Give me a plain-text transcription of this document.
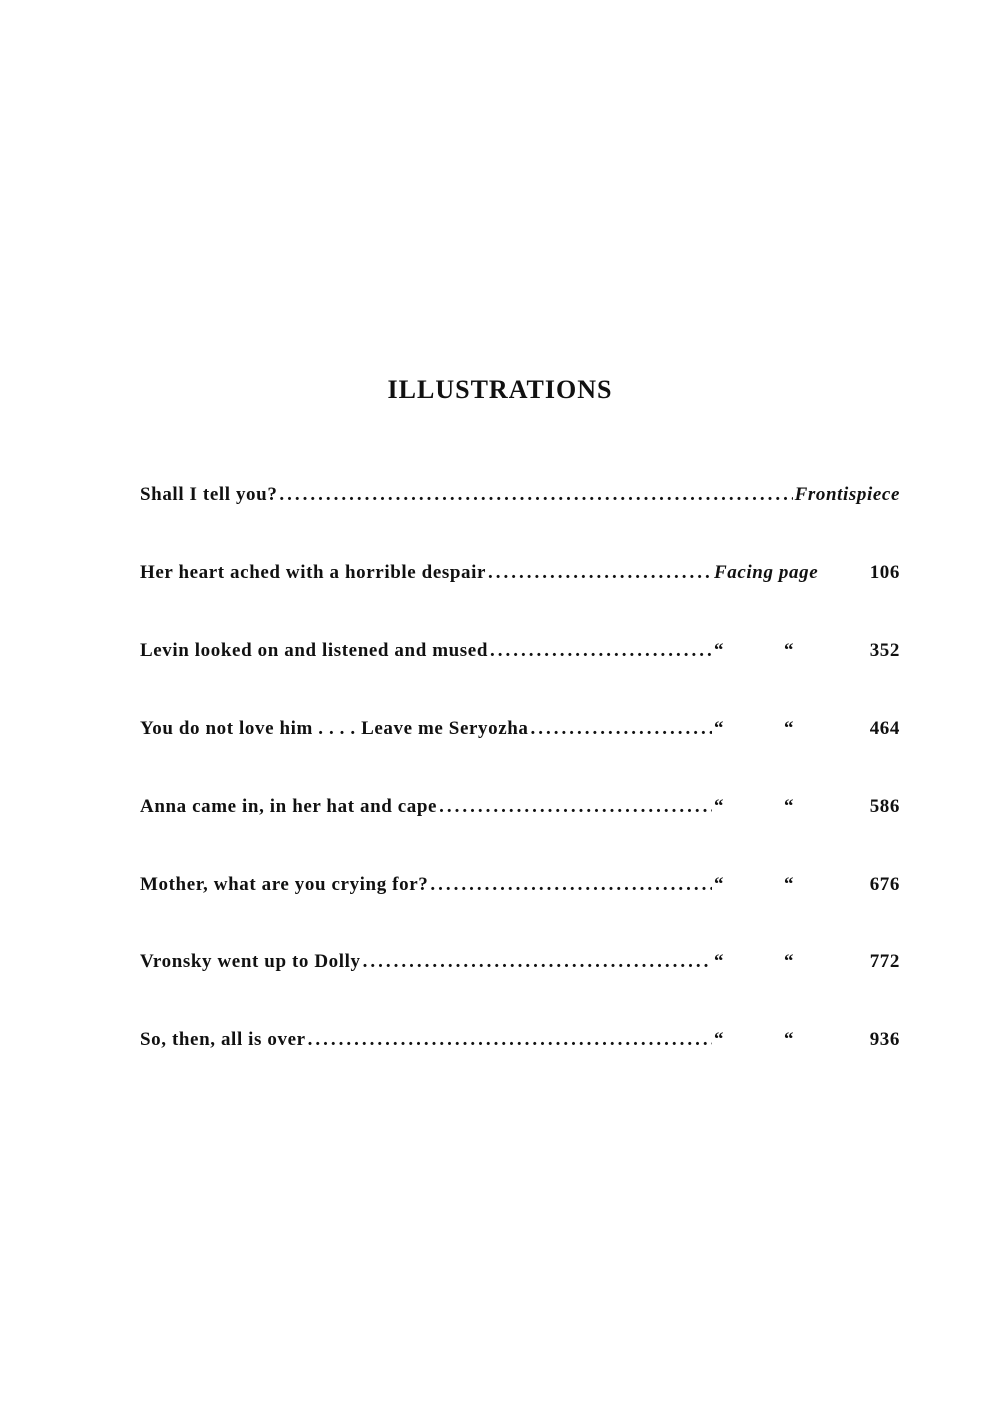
ILLUSTRATIONS
Shall I tell you? .....	Frontispiece
Her heart ached with a horrible despair .....	Facing page	106
Levin looked on and listened and mused .....	“	“	352
You do not love him . . . . Leave me Seryozha .....	“	“	464
Anna came in, in her hat and cape .....	“	“	586
Mother, what are you crying for? .....	“	“	676
Vronsky went up to Dolly .....	“	“	772
So, then, all is over .....	“	“	936
